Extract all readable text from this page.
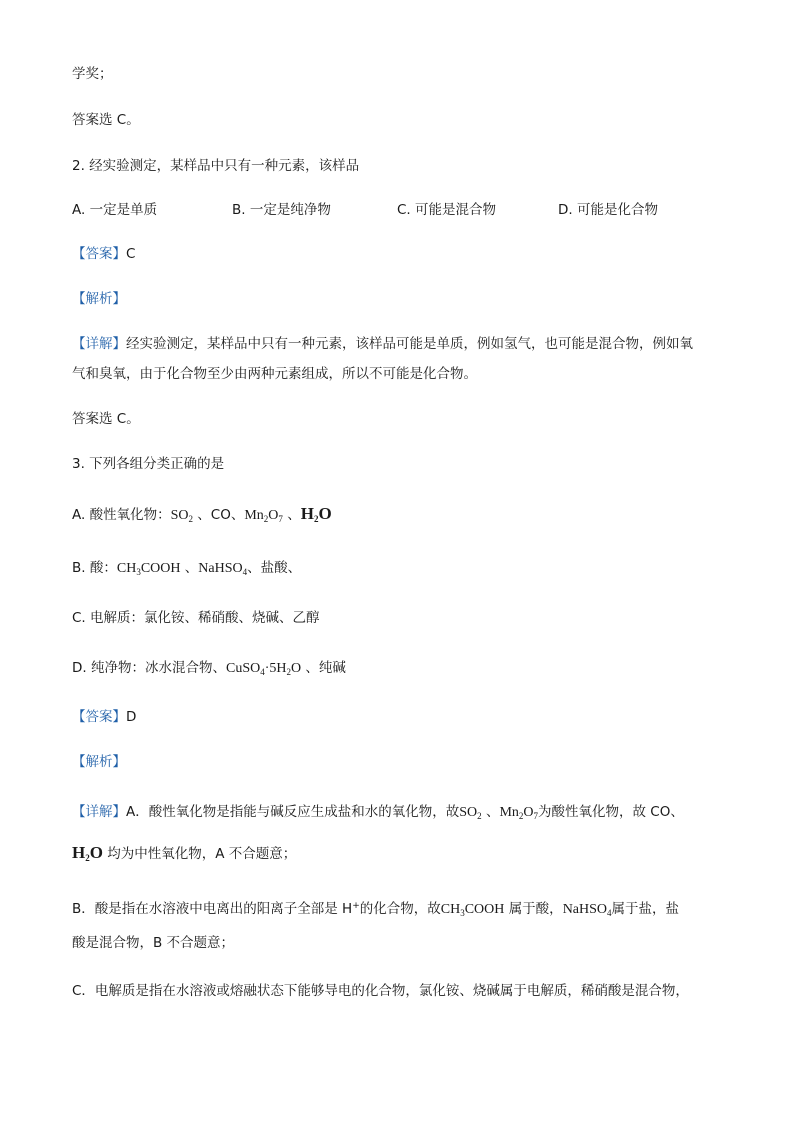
学奖；
答案选 C。
2. 经实验测定，某样品中只有一种元素，该样品
A. 一定是单质	B. 一定是纯净物	C. 可能是混合物	D. 可能是化合物
【答案】C
【解析】
【详解】经实验测定，某样品中只有一种元素，该样品可能是单质，例如氢气，也可能是混合物，例如氧
气和臭氧，由于化合物至少由两种元素组成，所以不可能是化合物。
答案选 C。
3. 下列各组分类正确的是
A. 酸性氧化物：$SO_2$ 、CO、$Mn_2O_7$ 、$H_2O$
B. 酸：$CH_3COOH$ 、NaHSO$_4$、盐酸、
C. 电解质：氯化铵、稀硝酸、烧碱、乙醇
D. 纯净物：冰水混合物、$CuSO_4\cdot 5H_2O$ 、纯碱
【答案】D
【解析】
【详解】A．酸性氧化物是指能与碱反应生成盐和水的氧化物，故$SO_2$ 、$Mn_2O_7$为酸性氧化物，故 CO、
$H_2O$ 均为中性氧化物，A 不合题意；
B．酸是指在水溶液中电离出的阳离子全部是 H+的化合物，故$CH_3COOH$ 属于酸，NaHSO$_4$属于盐，盐
酸是混合物，B 不合题意；
C．电解质是指在水溶液或熔融状态下能够导电的化合物，氯化铵、烧碱属于电解质，稀硝酸是混合物，
